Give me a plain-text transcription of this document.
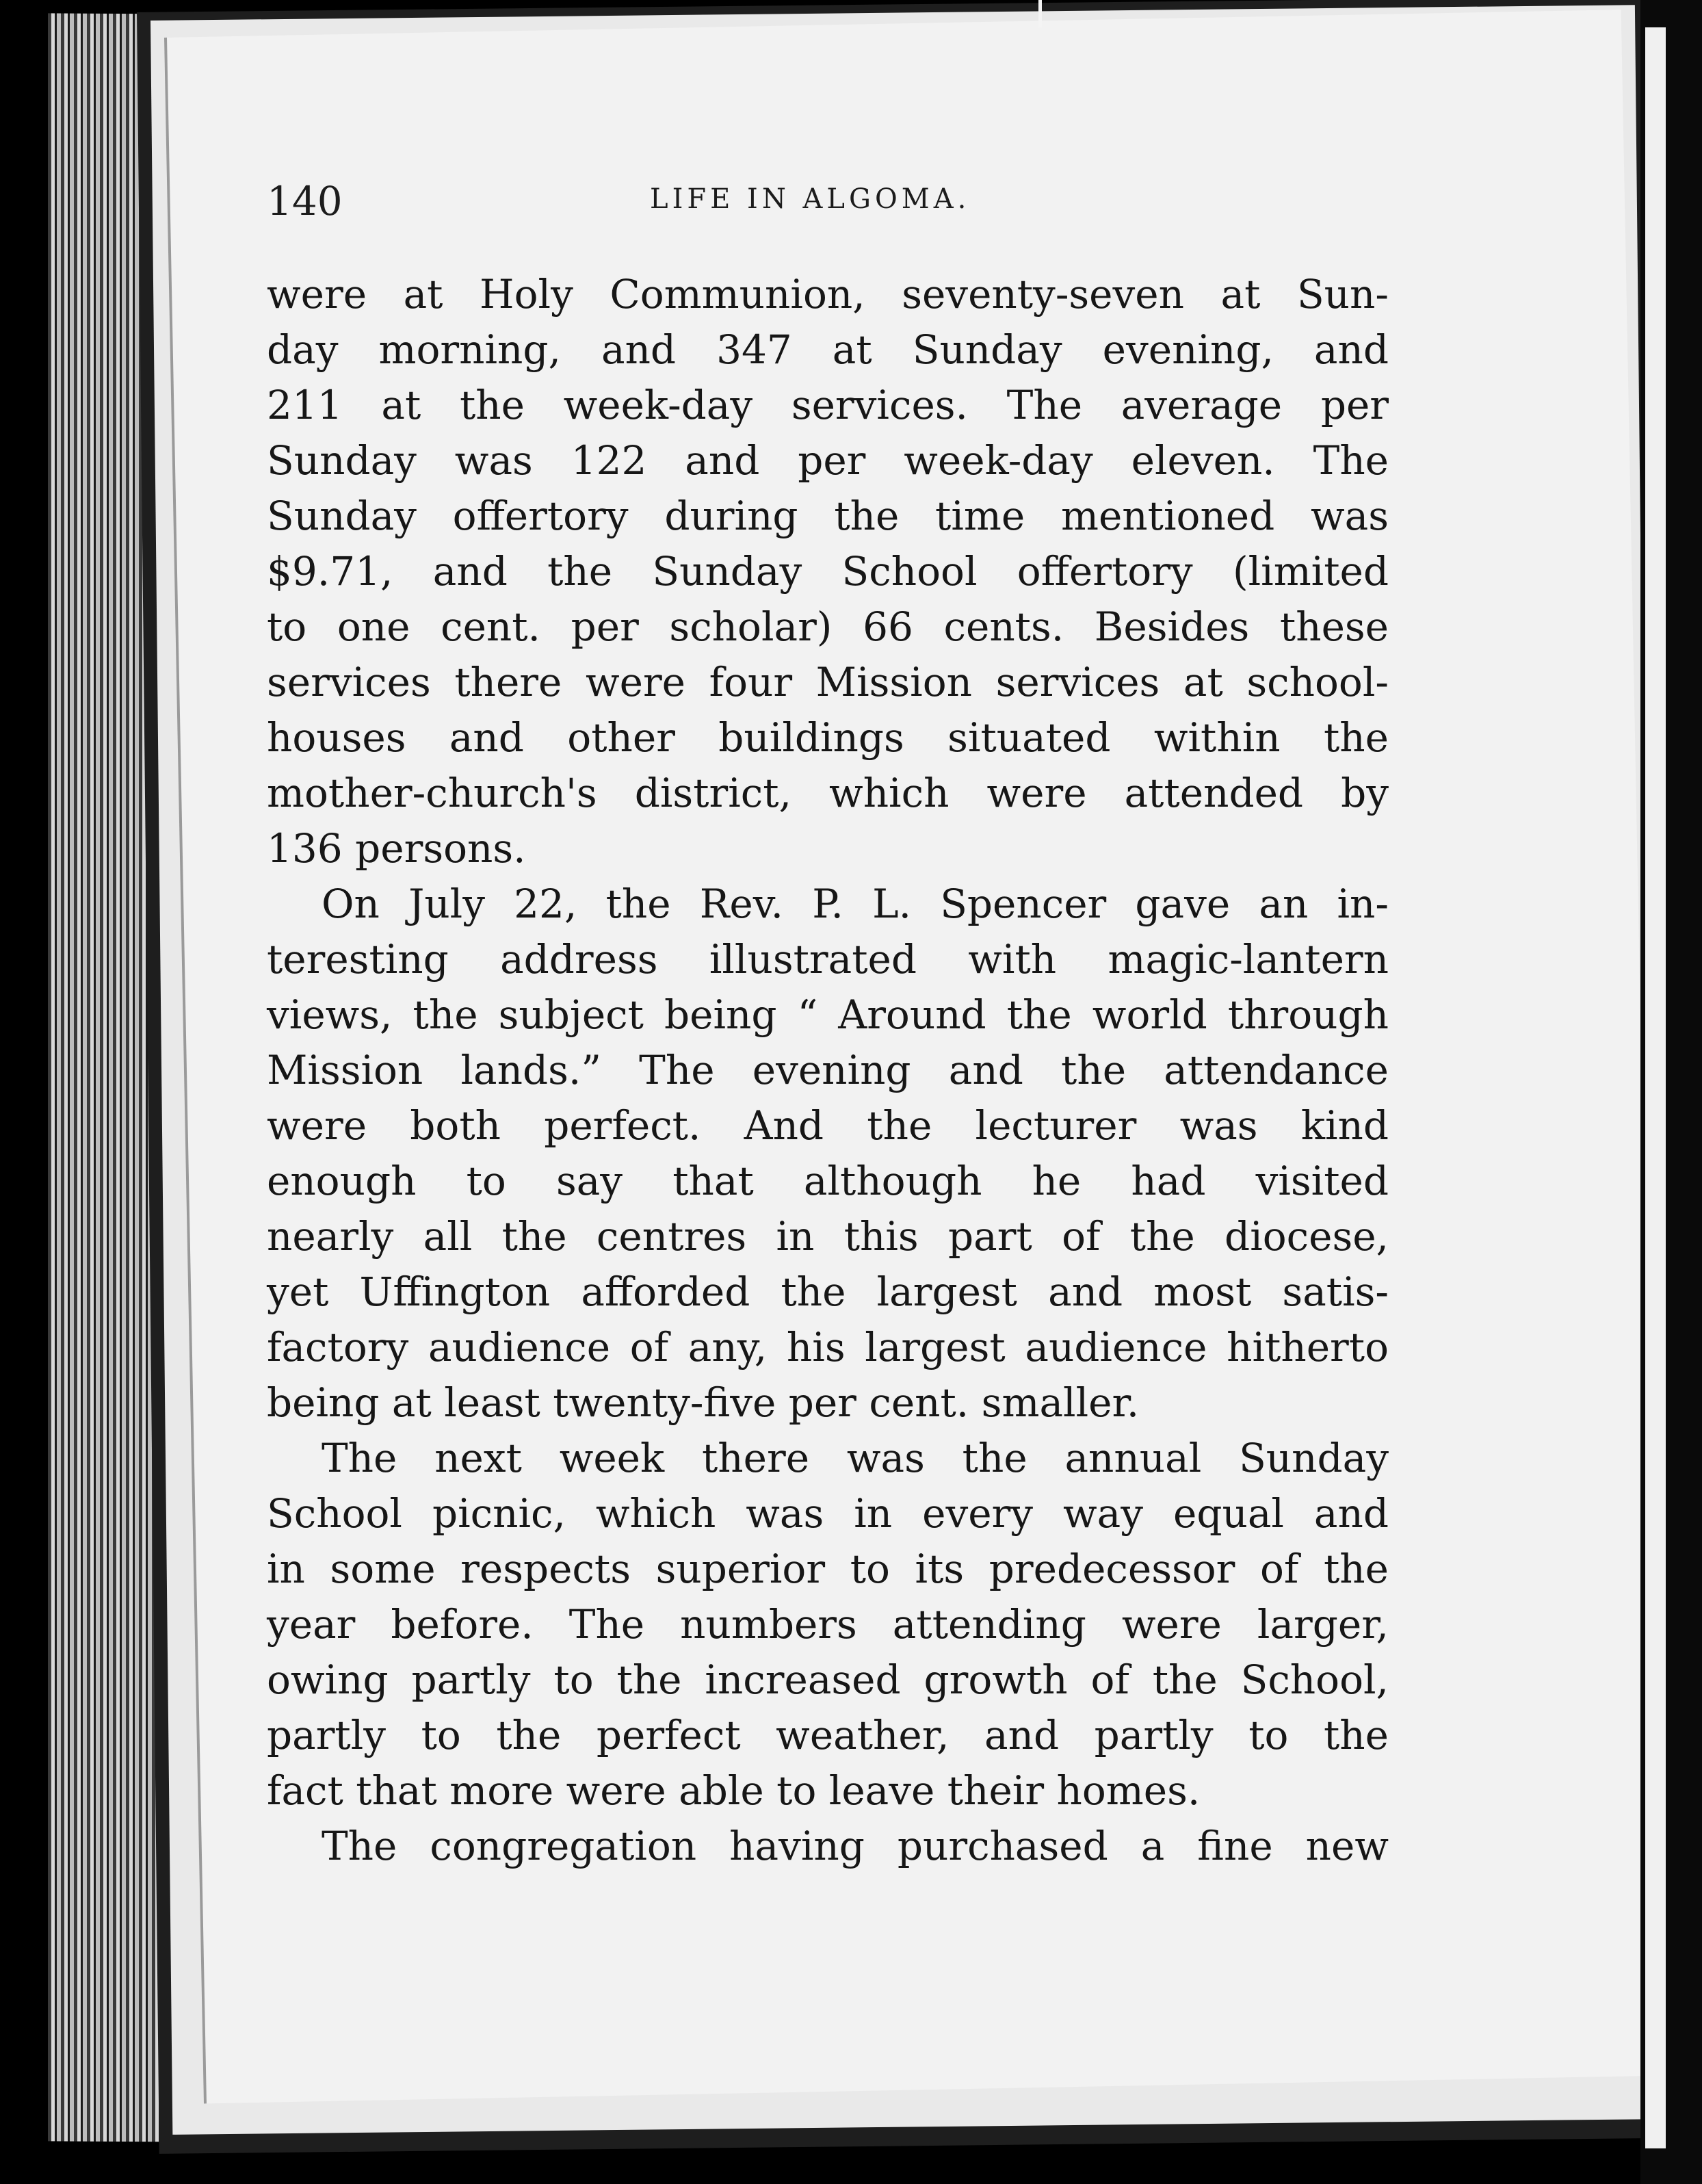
140	LIFE IN ALGOMA.
were at Holy Communion, seventy-seven at Sun-
day morning, and 347 at Sunday evening, and
211 at the week-day services. The average per
Sunday was 122 and per week-day eleven. The
Sunday offertory during the time mentioned was
$9.71, and the Sunday School offertory (limited
to one cent. per scholar) 66 cents. Besides these
services there were four Mission services at school-
houses and other buildings situated within the
mother-church's district, which were attended by
136 persons.
On July 22, the Rev. P. L. Spencer gave an in-
teresting address illustrated with magic-lantern
views, the subject being “ Around the world through
Mission lands.” The evening and the attendance
were both perfect. And the lecturer was kind
enough to say that although he had visited
nearly all the centres in this part of the diocese,
yet Uffington afforded the largest and most satis-
factory audience of any, his largest audience hitherto
being at least twenty-five per cent. smaller.
The next week there was the annual Sunday
School picnic, which was in every way equal and
in some respects superior to its predecessor of the
year before. The numbers attending were larger,
owing partly to the increased growth of the School,
partly to the perfect weather, and partly to the
fact that more were able to leave their homes.
The congregation having purchased a fine new
